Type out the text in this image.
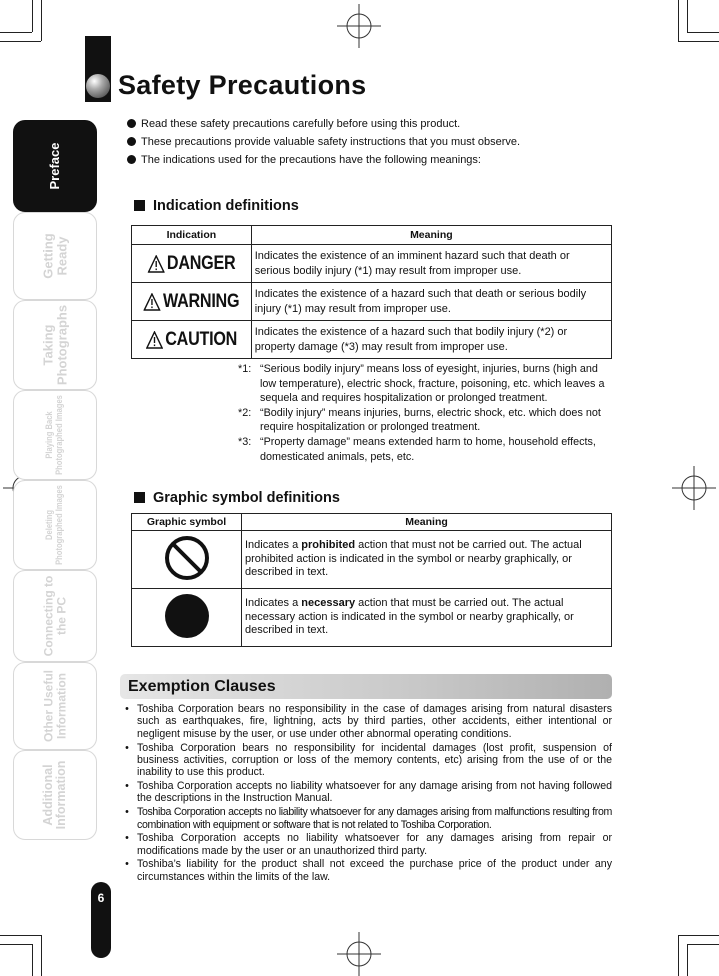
Preface
Getting
Ready
Taking
Photographs
Playing Back
Photographed Images
Deleting
Photographed Images
Connecting to
the PC
Other Useful
Information
Additional
Information
Safety Precautions
Read these safety precautions carefully before using this product.
These precautions provide valuable safety instructions that you must observe.
The indications used for the precautions have the following meanings:
Indication definitions
Indication	Meaning

DANGER	Indicates the existence of an imminent hazard such that death or serious bodily injury (*1) may result from improper use.

WARNING	Indicates the existence of a hazard such that death or serious bodily injury (*1) may result from improper use.

CAUTION	Indicates the existence of a hazard such that bodily injury (*2) or property damage (*3) may result from improper use.
*1: “Serious bodily injury” means loss of eyesight, injuries, burns (high and low temperature), electric shock, fracture, poisoning, etc. which leaves a sequela and requires hospitalization or prolonged treatment.
*2: “Bodily injury” means injuries, burns, electric shock, etc. which does not require hospitalization or prolonged treatment.
*3: “Property damage” means extended harm to home, household effects, domesticated animals, pets, etc.
Graphic symbol definitions
Graphic symbol	Meaning
	Indicates a prohibited action that must not be carried out. The actual prohibited action is indicated in the symbol or nearby graphically, or described in text.
	Indicates a necessary action that must be carried out. The actual necessary action is indicated in the symbol or nearby graphically, or described in text.
Exemption Clauses
• Toshiba Corporation bears no responsibility in the case of damages arising from natural disasters such as earthquakes, fire, lightning, acts by third parties, other accidents, either intentional or negligent misuse by the user, or use under other abnormal operating conditions.
• Toshiba Corporation bears no responsibility for incidental damages (lost profit, suspension of business activities, corruption or loss of the memory contents, etc) arising from the use of or the inability to use this product.
• Toshiba Corporation accepts no liability whatsoever for any damage arising from not having followed the descriptions in the Instruction Manual.
• Toshiba Corporation accepts no liability whatsoever for any damages arising from malfunctions resulting from combination with equipment or software that is not related to Toshiba Corporation.
• Toshiba Corporation accepts no liability whatsoever for any damages arising from repair or modifications made by the user or an unauthorized third party.
• Toshiba’s liability for the product shall not exceed the purchase price of the product under any circumstances within the limits of the law.
6
